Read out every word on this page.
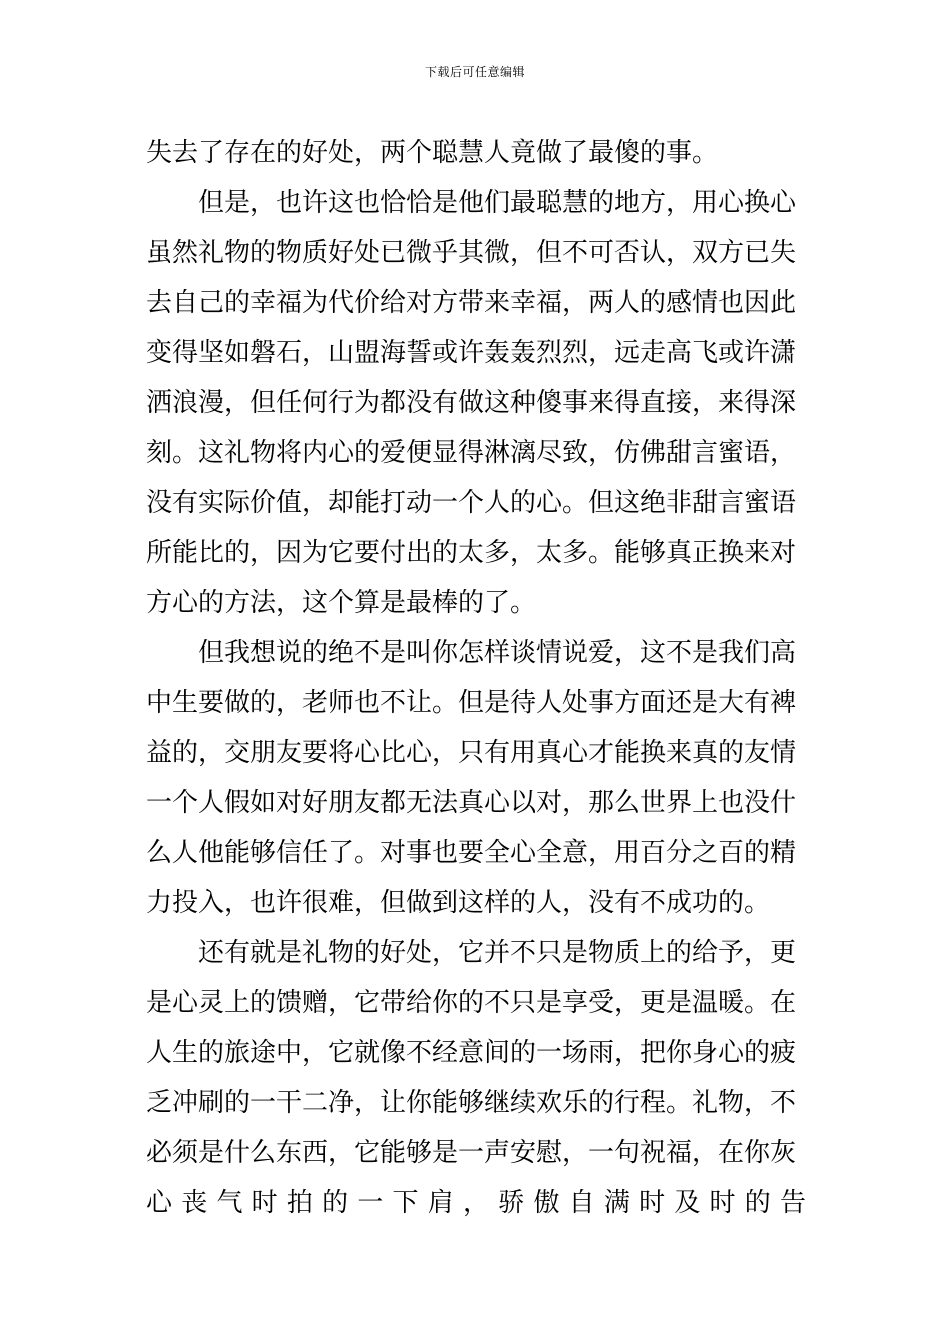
下载后可任意编辑
失去了存在的好处，两个聪慧人竟做了最傻的事。
但是，也许这也恰恰是他们最聪慧的地方，用心换心
虽然礼物的物质好处已微乎其微，但不可否认，双方已失
去自己的幸福为代价给对方带来幸福，两人的感情也因此
变得坚如磐石，山盟海誓或许轰轰烈烈，远走高飞或许潇
洒浪漫，但任何行为都没有做这种傻事来得直接，来得深
刻。这礼物将内心的爱便显得淋漓尽致，仿佛甜言蜜语，
没有实际价值，却能打动一个人的心。但这绝非甜言蜜语
所能比的，因为它要付出的太多，太多。能够真正换来对
方心的方法，这个算是最棒的了。
但我想说的绝不是叫你怎样谈情说爱，这不是我们高
中生要做的，老师也不让。但是待人处事方面还是大有裨
益的，交朋友要将心比心，只有用真心才能换来真的友情
一个人假如对好朋友都无法真心以对，那么世界上也没什
么人他能够信任了。对事也要全心全意，用百分之百的精
力投入，也许很难，但做到这样的人，没有不成功的。
还有就是礼物的好处，它并不只是物质上的给予，更
是心灵上的馈赠，它带给你的不只是享受，更是温暖。在
人生的旅途中，它就像不经意间的一场雨，把你身心的疲
乏冲刷的一干二净，让你能够继续欢乐的行程。礼物，不
必须是什么东西，它能够是一声安慰，一句祝福，在你灰
心 丧 气 时 拍 的 一 下 肩 ， 骄 傲 自 满 时 及 时 的 告
